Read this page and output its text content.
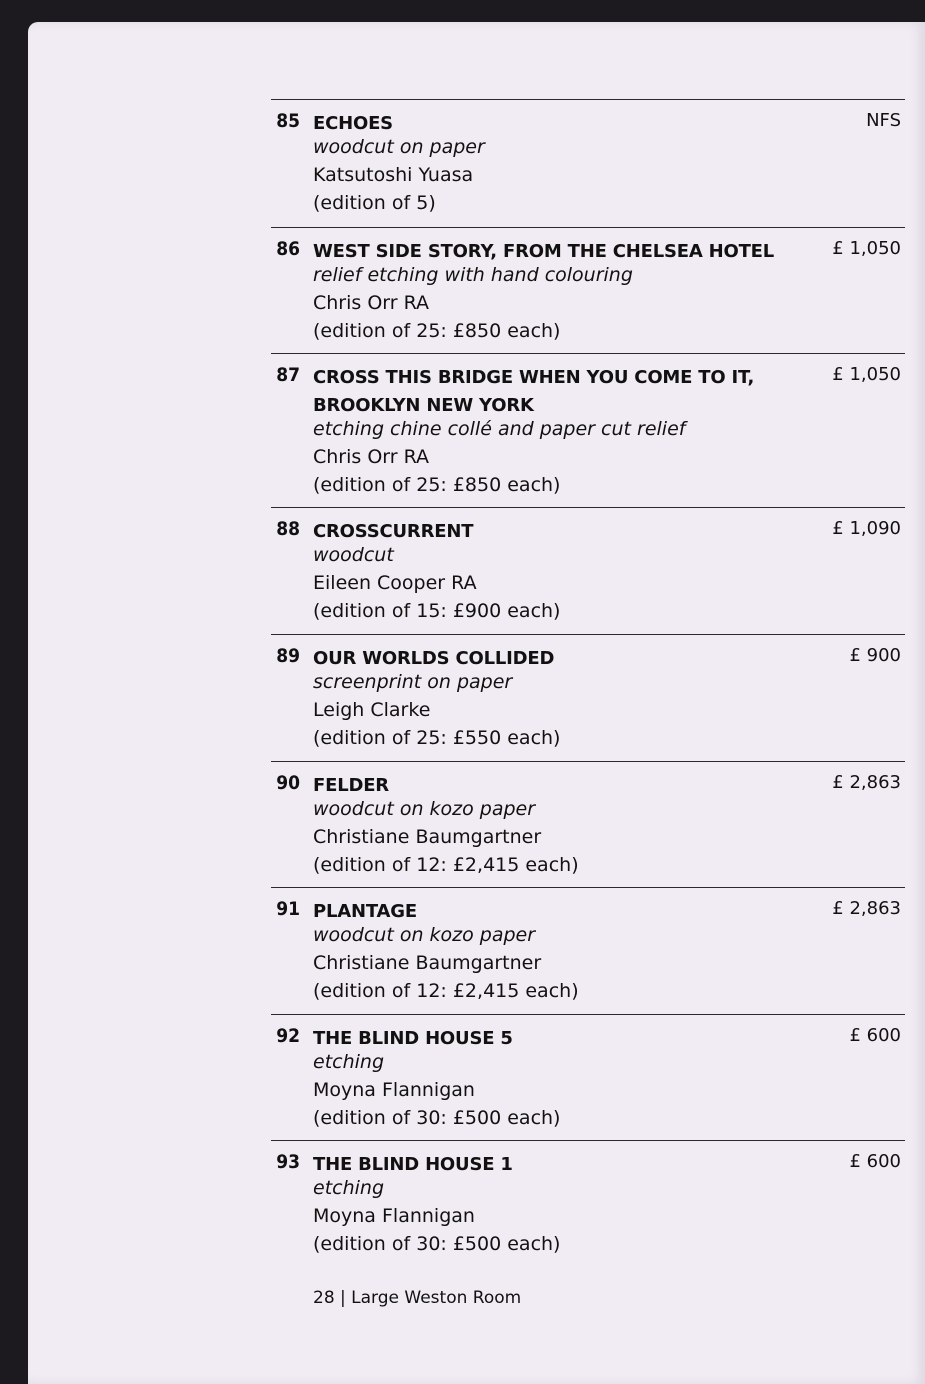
85 ECHOES	NFS
woodcut on paper
Katsutoshi Yuasa
(edition of 5)
86 WEST SIDE STORY, FROM THE CHELSEA HOTEL	£ 1,050
relief etching with hand colouring
Chris Orr RA
(edition of 25: £850 each)
87 CROSS THIS BRIDGE WHEN YOU COME TO IT,
BROOKLYN NEW YORK
£ 1,050
etching chine collé and paper cut relief
Chris Orr RA
(edition of 25: £850 each)
88 CROSSCURRENT	£ 1,090
woodcut
Eileen Cooper RA
(edition of 15: £900 each)
89 OUR WORLDS COLLIDED	£ 900
screenprint on paper
Leigh Clarke
(edition of 25: £550 each)
90 FELDER	£ 2,863
woodcut on kozo paper
Christiane Baumgartner
(edition of 12: £2,415 each)
91 PLANTAGE	£ 2,863
woodcut on kozo paper
Christiane Baumgartner
(edition of 12: £2,415 each)
92 THE BLIND HOUSE 5	£ 600
etching
Moyna Flannigan
(edition of 30: £500 each)
93 THE BLIND HOUSE 1	£ 600
etching
Moyna Flannigan
(edition of 30: £500 each)
28 | Large Weston Room
